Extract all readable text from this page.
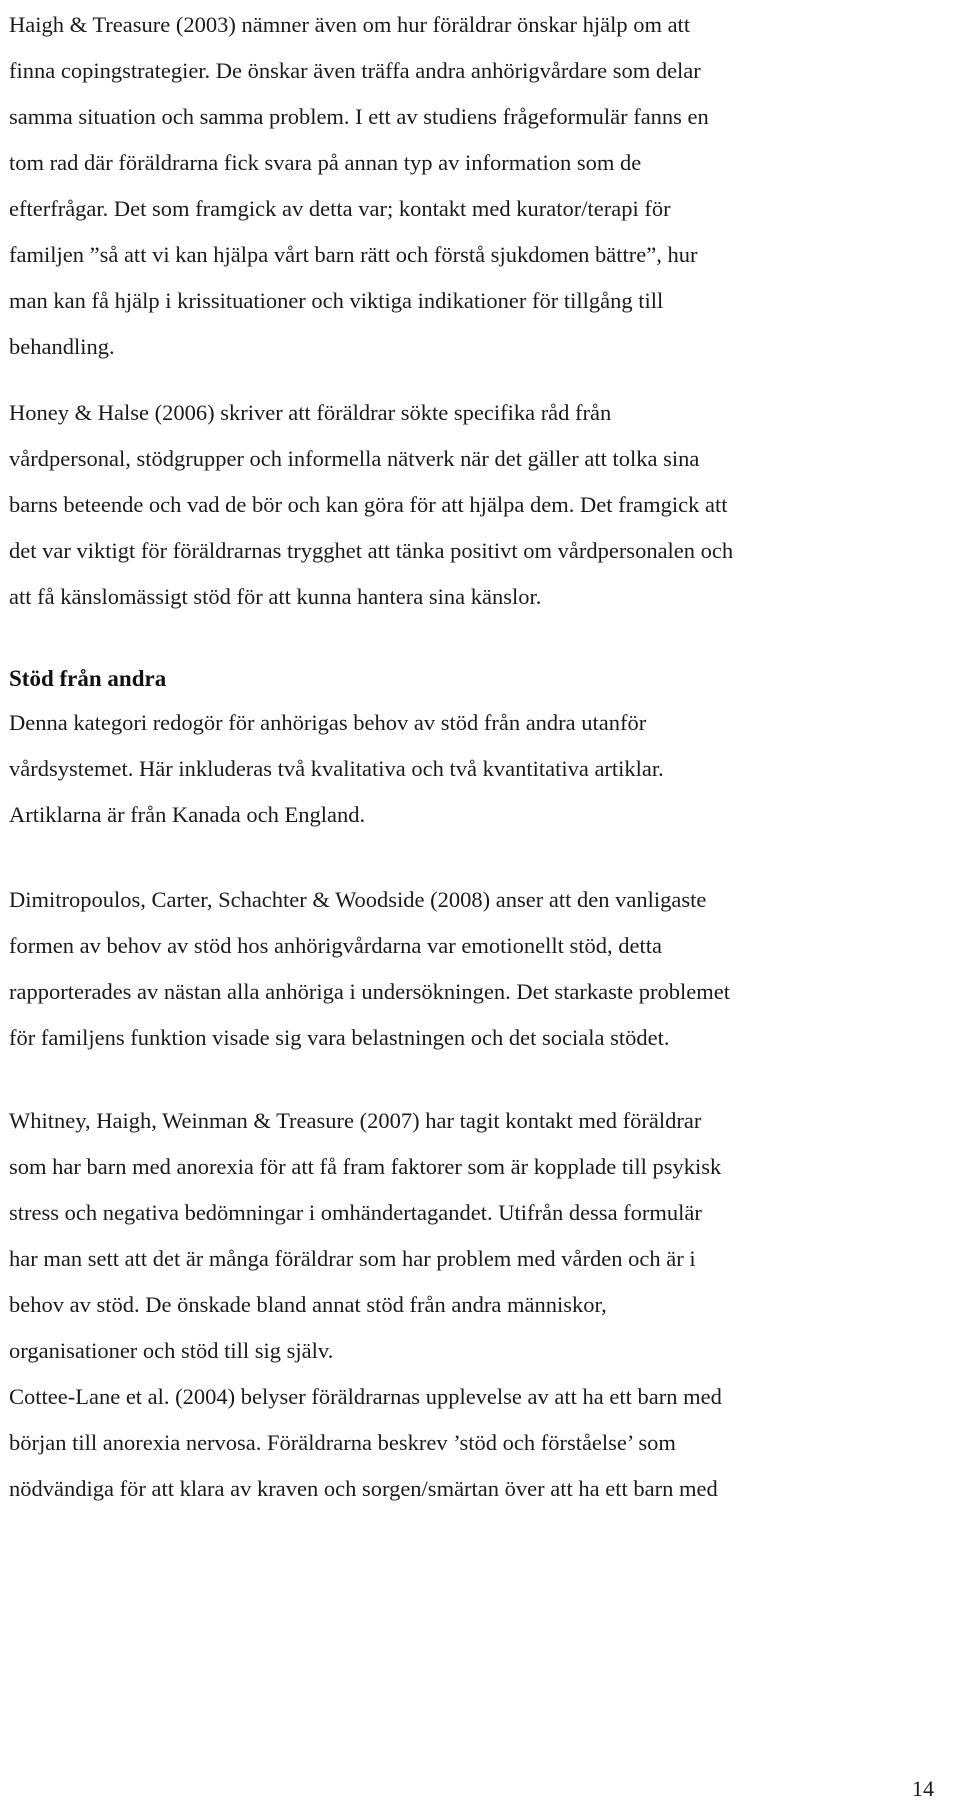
Haigh & Treasure (2003) nämner även om hur föräldrar önskar hjälp om att
finna copingstrategier. De önskar även träffa andra anhörigvårdare som delar
samma situation och samma problem. I ett av studiens frågeformulär fanns en
tom rad där föräldrarna fick svara på annan typ av information som de
efterfrågar. Det som framgick av detta var; kontakt med kurator/terapi för
familjen ”så att vi kan hjälpa vårt barn rätt och förstå sjukdomen bättre”, hur
man kan få hjälp i krissituationer och viktiga indikationer för tillgång till
behandling.
Honey & Halse (2006) skriver att föräldrar sökte specifika råd från
vårdpersonal, stödgrupper och informella nätverk när det gäller att tolka sina
barns beteende och vad de bör och kan göra för att hjälpa dem. Det framgick att
det var viktigt för föräldrarnas trygghet att tänka positivt om vårdpersonalen och
att få känslomässigt stöd för att kunna hantera sina känslor.
Stöd från andra
Denna kategori redogör för anhörigas behov av stöd från andra utanför
vårdsystemet. Här inkluderas två kvalitativa och två kvantitativa artiklar.
Artiklarna är från Kanada och England.
Dimitropoulos, Carter, Schachter & Woodside (2008) anser att den vanligaste
formen av behov av stöd hos anhörigvårdarna var emotionellt stöd, detta
rapporterades av nästan alla anhöriga i undersökningen. Det starkaste problemet
för familjens funktion visade sig vara belastningen och det sociala stödet.
Whitney, Haigh, Weinman & Treasure (2007) har tagit kontakt med föräldrar
som har barn med anorexia för att få fram faktorer som är kopplade till psykisk
stress och negativa bedömningar i omhändertagandet. Utifrån dessa formulär
har man sett att det är många föräldrar som har problem med vården och är i
behov av stöd. De önskade bland annat stöd från andra människor,
organisationer och stöd till sig själv.
Cottee-Lane et al. (2004) belyser föräldrarnas upplevelse av att ha ett barn med
början till anorexia nervosa. Föräldrarna beskrev ’stöd och förståelse’ som
nödvändiga för att klara av kraven och sorgen/smärtan över att ha ett barn med
14
